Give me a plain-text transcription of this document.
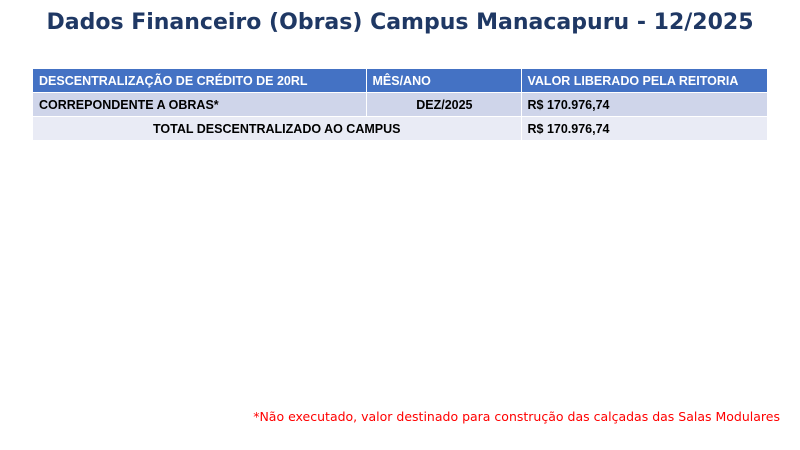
Dados Financeiro (Obras) Campus Manacapuru - 12/2025
DESCENTRALIZAÇÃO DE CRÉDITO DE 20RL	MÊS/ANO	VALOR LIBERADO PELA REITORIA
CORREPONDENTE A OBRAS*	DEZ/2025	R$ 170.976,74
TOTAL DESCENTRALIZADO AO CAMPUS		R$ 170.976,74
*Não executado, valor destinado para construção das calçadas das Salas Modulares
